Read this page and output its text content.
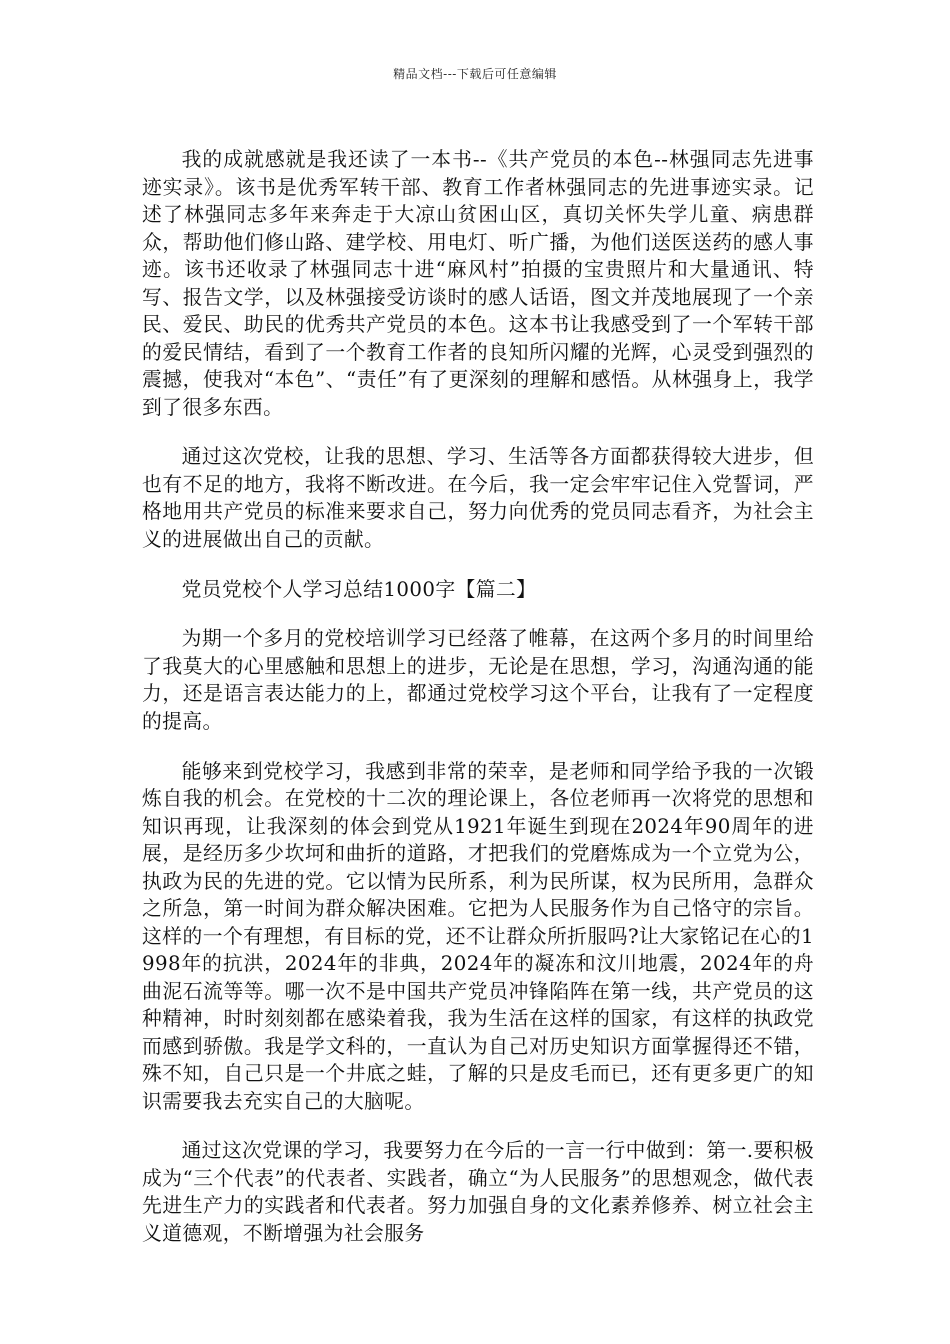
精品文档---下载后可任意编辑

我的成就感就是我还读了一本书--《共产党员的本色--林强同志先进事迹实录》。该书是优秀军转干部、教育工作者林强同志的先进事迹实录。记述了林强同志多年来奔走于大凉山贫困山区，真切关怀失学儿童、病患群众，帮助他们修山路、建学校、用电灯、听广播，为他们送医送药的感人事迹。该书还收录了林强同志十进“麻风村”拍摄的宝贵照片和大量通讯、特写、报告文学，以及林强接受访谈时的感人话语，图文并茂地展现了一个亲民、爱民、助民的优秀共产党员的本色。这本书让我感受到了一个军转干部的爱民情结，看到了一个教育工作者的良知所闪耀的光辉，心灵受到强烈的震撼，使我对“本色”、“责任”有了更深刻的理解和感悟。从林强身上，我学到了很多东西。

通过这次党校，让我的思想、学习、生活等各方面都获得较大进步，但也有不足的地方，我将不断改进。在今后，我一定会牢牢记住入党誓词，严格地用共产党员的标准来要求自己，努力向优秀的党员同志看齐，为社会主义的进展做出自己的贡献。

党员党校个人学习总结1000字【篇二】

为期一个多月的党校培训学习已经落了帷幕，在这两个多月的时间里给了我莫大的心里感触和思想上的进步，无论是在思想，学习，沟通沟通的能力，还是语言表达能力的上，都通过党校学习这个平台，让我有了一定程度的提高。

能够来到党校学习，我感到非常的荣幸，是老师和同学给予我的一次锻炼自我的机会。在党校的十二次的理论课上，各位老师再一次将党的思想和知识再现，让我深刻的体会到党从1921年诞生到现在2024年90周年的进展，是经历多少坎坷和曲折的道路，才把我们的党磨炼成为一个立党为公，执政为民的先进的党。它以情为民所系，利为民所谋，权为民所用，急群众之所急，第一时间为群众解决困难。它把为人民服务作为自己恪守的宗旨。这样的一个有理想，有目标的党，还不让群众所折服吗?让大家铭记在心的1998年的抗洪，2024年的非典，2024年的凝冻和汶川地震，2024年的舟曲泥石流等等。哪一次不是中国共产党员冲锋陷阵在第一线，共产党员的这种精神，时时刻刻都在感染着我，我为生活在这样的国家，有这样的执政党而感到骄傲。我是学文科的，一直认为自己对历史知识方面掌握得还不错，殊不知，自己只是一个井底之蛙，了解的只是皮毛而已，还有更多更广的知识需要我去充实自己的大脑呢。

通过这次党课的学习，我要努力在今后的一言一行中做到：第一.要积极成为“三个代表”的代表者、实践者，确立“为人民服务”的思想观念，做代表先进生产力的实践者和代表者。努力加强自身的文化素养修养、树立社会主义道德观，不断增强为社会服务
